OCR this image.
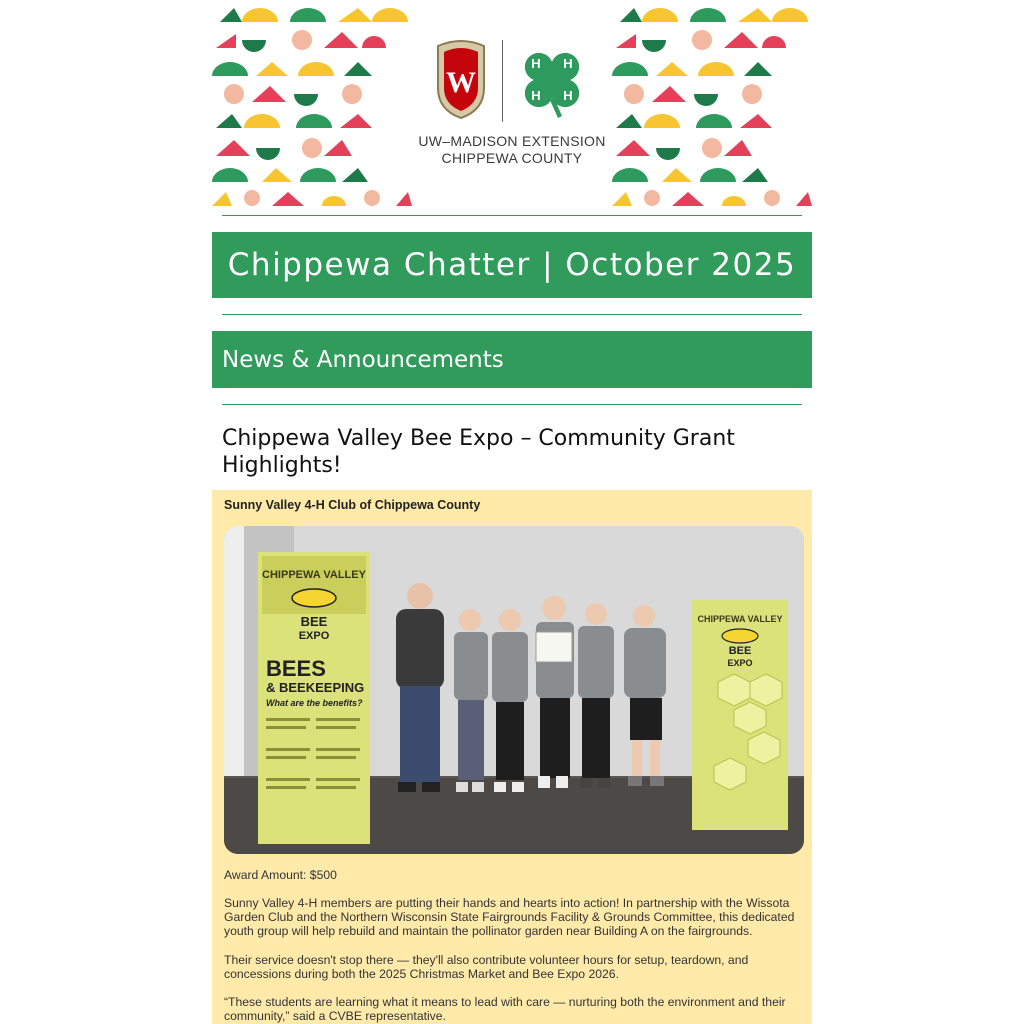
W
H H
H H
UW–MADISON EXTENSION
CHIPPEWA COUNTY
Chippewa Chatter | October 2025
News & Announcements
Chippewa Valley Bee Expo – Community Grant Highlights!
Sunny Valley 4-H Club of Chippewa County
CHIPPEWA VALLEY
BEE
EXPO
BEES
& BEEKEEPING
What are the benefits?
CHIPPEWA VALLEY
BEE
EXPO
Award Amount: $500
Sunny Valley 4-H members are putting their hands and hearts into action! In partnership with the Wissota Garden Club and the Northern Wisconsin State Fairgrounds Facility & Grounds Committee, this dedicated youth group will help rebuild and maintain the pollinator garden near Building A on the fairgrounds.
Their service doesn't stop there — they'll also contribute volunteer hours for setup, teardown, and concessions during both the 2025 Christmas Market and Bee Expo 2026.
“These students are learning what it means to lead with care — nurturing both the environment and their community,” said a CVBE representative.
